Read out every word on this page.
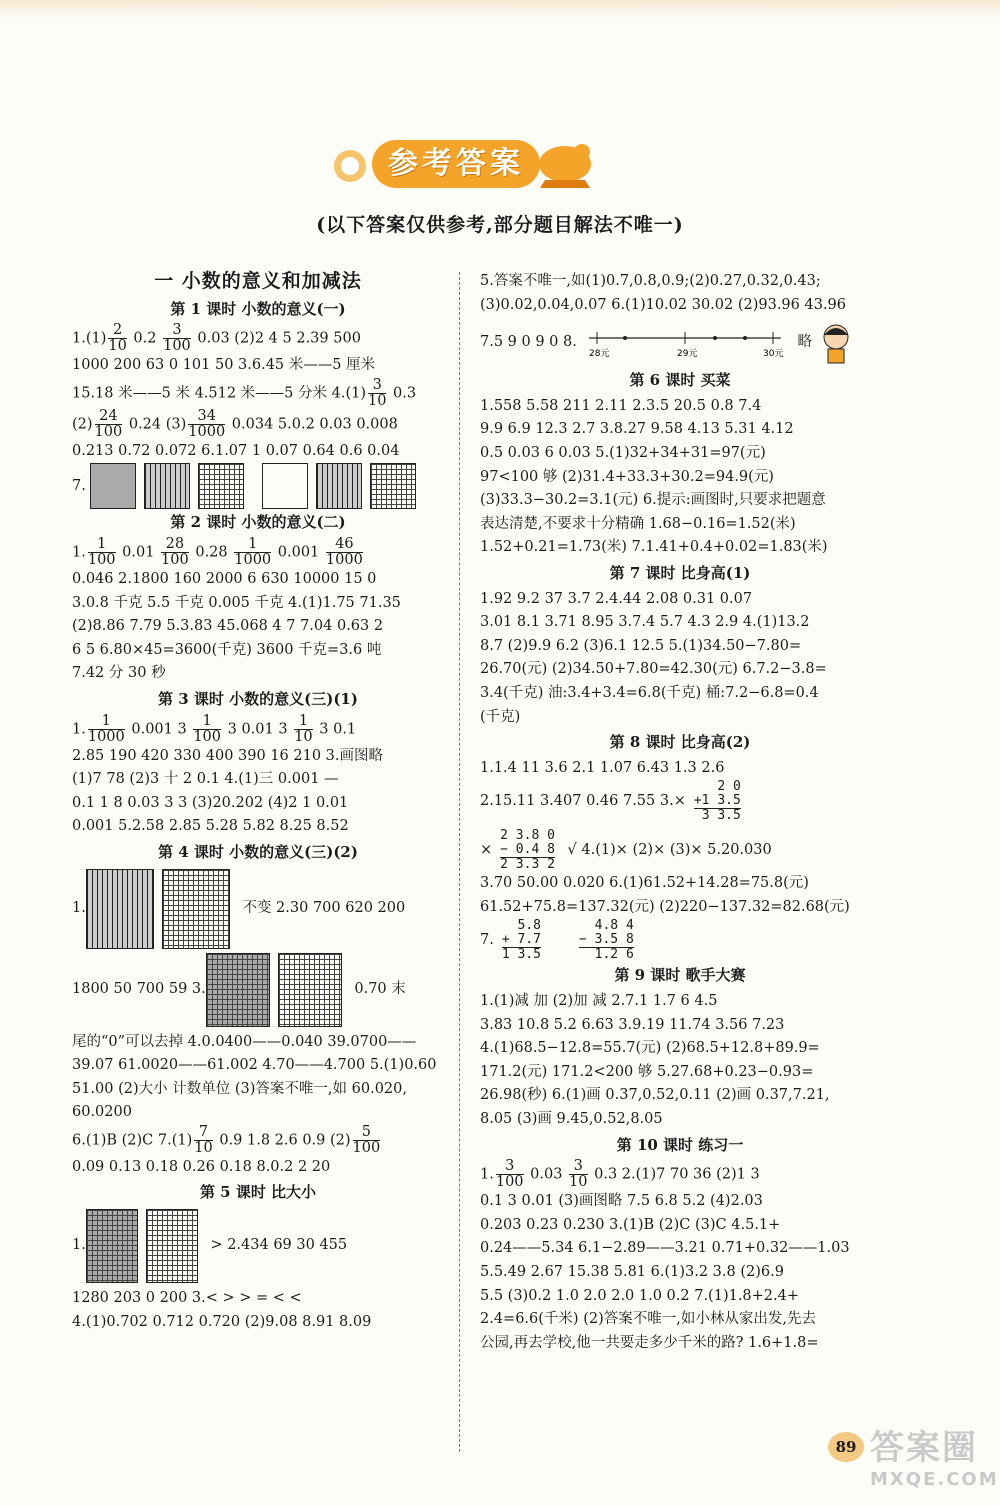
参考答案
(以下答案仅供参考,部分题目解法不唯一)
一 小数的意义和加减法
第 1 课时 小数的意义(一)
$1.(1) \frac{2}{10} 0.2 \frac{3}{100} 0.03$ (2)2 4 5 2.39 500
1000 200 63 0 101 50 3.6.45 米——5 厘米
15.18 米——5 米 4.512 米——5 分米 $4.(1) \frac{3}{10} 0.3$
$(2) \frac{24}{100} 0.24$ $(3) \frac{34}{1000} 0.034$ 5.0.2 0.03 0.008
0.213 0.72 0.072 6.1.07 1 0.07 0.64 0.6 0.04
7.
第 2 课时 小数的意义(二)
1. $\frac{1}{100} 0.01 \frac{28}{100} 0.28 \frac{1}{1000} 0.001 \frac{46}{1000}$
0.046 2.1800 160 2000 6 630 10000 15 0
3.0.8 千克 5.5 千克 0.005 千克 4.(1)1.75 71.35
(2)8.86 7.79 5.3.83 45.068 4 7 7.04 0.63 2
6 5 6.80×45=3600(千克) 3600 千克=3.6 吨
7.42 分 30 秒
第 3 课时 小数的意义(三)(1)
1. $\frac{1}{1000} 0.001$ $3 \frac{1}{100} 3$ 0.01 $3 \frac{1}{10} 3$ 0.1
2.85 190 420 330 400 390 16 210 3.画图略
(1)7 78 (2)3 十 2 0.1 4.(1)三 0.001 —
0.1 1 8 0.03 3 3 (3)20.202 (4)2 1 0.01
0.001 5.2.58 2.85 5.28 5.82 8.25 8.52
第 4 课时 小数的意义(三)(2)
1.	不变 2.30 700 620 200
1800 50 700 59 3.	0.70 末
尾的“0”可以去掉 4.0.0400——0.040 39.0700——
39.07 61.0020——61.002 4.70——4.700 5.(1)0.60
51.00 (2)大小 计数单位 (3)答案不唯一,如 60.020,
60.0200
6.(1)B (2)C $7.(1) \frac{7}{10} 0.9$ 1.8 2.6 0.9 $(2) \frac{5}{100}$
0.09 0.13 0.18 0.26 0.18 8.0.2 2 20
第 5 课时 比大小
1.	> 2.434 69 30 455
1280 203 0 200 3.< > > = < <
4.(1)0.702 0.712 0.720 (2)9.08 8.91 8.09
5.答案不唯一,如(1)0.7,0.8,0.9;(2)0.27,0.32,0.43;
(3)0.02,0.04,0.07 6.(1)10.02 30.02 (2)93.96 43.96
7.5 9 0 9 0 8.
28元	29元	30元
略
第 6 课时 买菜
1.558 5.58 211 2.11 2.3.5 20.5 0.8 7.4
9.9 6.9 12.3 2.7 3.8.27 9.58 4.13 5.31 4.12
0.5 0.03 6 0.03 5.(1)32+34+31=97(元)
97<100 够 (2)31.4+33.3+30.2=94.9(元)
(3)33.3−30.2=3.1(元) 6.提示:画图时,只要求把题意
表达清楚,不要求十分精确 1.68−0.16=1.52(米)
1.52+0.21=1.73(米) 7.1.41+0.4+0.02=1.83(米)
第 7 课时 比身高(1)
1.92 9.2 37 3.7 2.4.44 2.08 0.31 0.07
3.01 8.1 3.71 8.95 3.7.4 5.7 4.3 2.9 4.(1)13.2
8.7 (2)9.9 6.2 (3)6.1 12.5 5.(1)34.50−7.80=
26.70(元) (2)34.50+7.80=42.30(元) 6.7.2−3.8=
3.4(千克) 油:3.4+3.4=6.8(千克) 桶:7.2−6.8=0.4
(千克)
第 8 课时 比身高(2)
1.1.4 11 3.6 2.1 1.07 6.43 1.3 2.6
2.15.11 3.407 0.46 7.55 3.×
2 0
+1 3.5
3 3.5
×
2 3.8 0
− 0.4 8
2 3.3 2
√ 4.(1)× (2)× (3)× 5.20.030
3.70 50.00 0.020 6.(1)61.52+14.28=75.8(元)
61.52+75.8=137.32(元) (2)220−137.32=82.68(元)
7.
5.8
+ 7.7
1 3.5
4.8 4
− 3.5 8
1.2 6
第 9 课时 歌手大赛
1.(1)减 加 (2)加 减 2.7.1 1.7 6 4.5
3.83 10.8 5.2 6.63 3.9.19 11.74 3.56 7.23
4.(1)68.5−12.8=55.7(元) (2)68.5+12.8+89.9=
171.2(元) 171.2<200 够 5.27.68+0.23−0.93=
26.98(秒) 6.(1)画 0.37,0.52,0.11 (2)画 0.37,7.21,
8.05 (3)画 9.45,0.52,8.05
第 10 课时 练习一
1. $\frac{3}{100} 0.03 \frac{3}{10} 0.3$ 2.(1)7 70 36 (2)1 3
0.1 3 0.01 (3)画图略 7.5 6.8 5.2 (4)2.03
0.203 0.23 0.230 3.(1)B (2)C (3)C 4.5.1+
0.24——5.34 6.1−2.89——3.21 0.71+0.32——1.03
5.5.49 2.67 15.38 5.81 6.(1)3.2 3.8 (2)6.9
5.5 (3)0.2 1.0 2.0 2.0 1.0 0.2 7.(1)1.8+2.4+
2.4=6.6(千米) (2)答案不唯一,如小林从家出发,先去
公园,再去学校,他一共要走多少千米的路? 1.6+1.8=
89 答案圈
MXQE.COM
